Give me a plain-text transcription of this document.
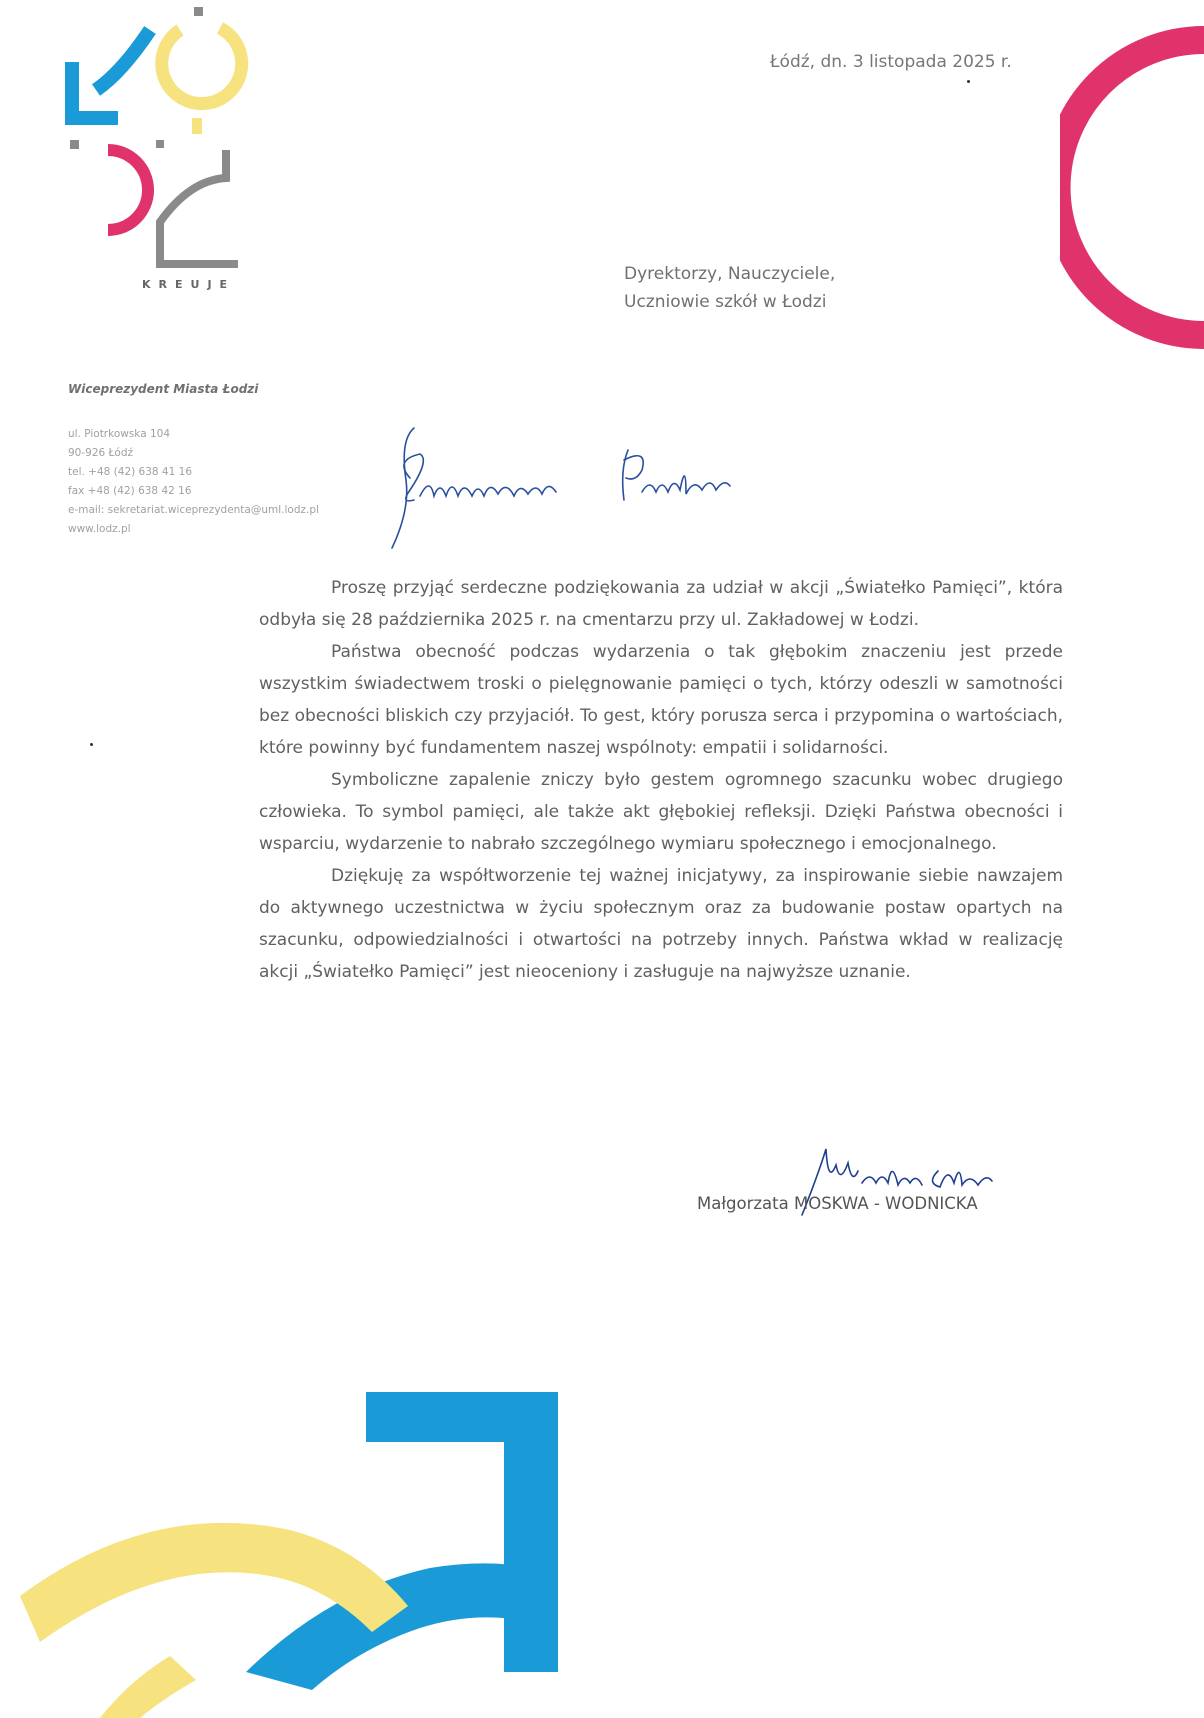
KREUJE
Łódź, dn. 3 listopada 2025 r.
Dyrektorzy, Nauczyciele,
Uczniowie szkół w Łodzi
Wiceprezydent Miasta Łodzi
ul. Piotrkowska 104
90-926 Łódź
tel. +48 (42) 638 41 16
fax +48 (42) 638 42 16
e-mail: sekretariat.wiceprezydenta@uml.lodz.pl
www.lodz.pl

Proszę przyjąć serdeczne podziękowania za udział w akcji „Światełko Pamięci”, która odbyła się 28 października 2025 r. na cmentarzu przy ul. Zakładowej w Łodzi.

Państwa obecność podczas wydarzenia o tak głębokim znaczeniu jest przede wszystkim świadectwem troski o pielęgnowanie pamięci o tych, którzy odeszli w samotności bez obecności bliskich czy przyjaciół. To gest, który porusza serca i przypomina o wartościach, które powinny być fundamentem naszej wspólnoty: empatii i solidarności.

Symboliczne zapalenie zniczy było gestem ogromnego szacunku wobec drugiego człowieka. To symbol pamięci, ale także akt głębokiej refleksji. Dzięki Państwa obecności i wsparciu, wydarzenie to nabrało szczególnego wymiaru społecznego i emocjonalnego.

Dziękuję za współtworzenie tej ważnej inicjatywy, za inspirowanie siebie nawzajem do aktywnego uczestnictwa w życiu społecznym oraz za budowanie postaw opartych na szacunku, odpowiedzialności i otwartości na potrzeby innych. Państwa wkład w realizację akcji „Światełko Pamięci” jest nieoceniony i zasługuje na najwyższe uznanie.

Małgorzata MOSKWA - WODNICKA
